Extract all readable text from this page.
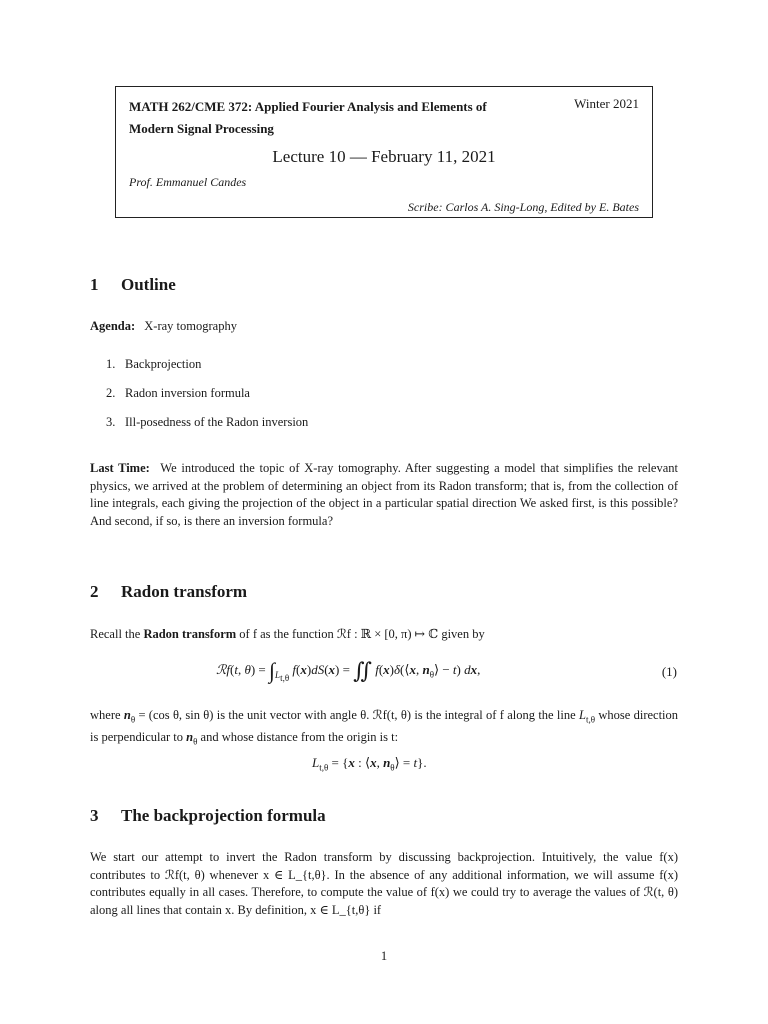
MATH 262/CME 372: Applied Fourier Analysis and Elements of Modern Signal Processing
Winter 2021
Lecture 10 — February 11, 2021
Prof. Emmanuel Candes
Scribe: Carlos A. Sing-Long, Edited by E. Bates
1 Outline
Agenda: X-ray tomography
1. Backprojection
2. Radon inversion formula
3. Ill-posedness of the Radon inversion
Last Time: We introduced the topic of X-ray tomography. After suggesting a model that simplifies the relevant physics, we arrived at the problem of determining an object from its Radon transform; that is, from the collection of line integrals, each giving the projection of the object in a particular spatial direction We asked first, is this possible? And second, if so, is there an inversion formula?
2 Radon transform
Recall the Radon transform of f as the function ℛf : ℝ × [0, π) ↦ ℂ given by
ℛf(t, $\theta) = \int_{L_{t,\theta}}$ f(x)dS(x) = ∬ f(x)δ(⟨x, $n_\theta⟩ - t$) dx,	(1)
where $n_\theta = (\cos$ θ, sin θ) is the unit vector with angle θ. ℛf(t, θ) is the integral of f along the line $L_{t,\theta}$ whose direction is perpendicular to $n_\theta$ and whose distance from the origin is t:
$L_{t,\theta} = \{x$ : ⟨x, $n_\theta⟩ = t$}.
3 The backprojection formula
We start our attempt to invert the Radon transform by discussing backprojection. Intuitively, the value f(x) contributes to ℛf(t, θ) whenever x ∈ L_{t,θ}. In the absence of any additional information, we will assume f(x) contributes equally in all cases. Therefore, to compute the value of f(x) we could try to average the values of ℛ(t, θ) along all lines that contain x. By definition, x ∈ L_{t,θ} if
1
